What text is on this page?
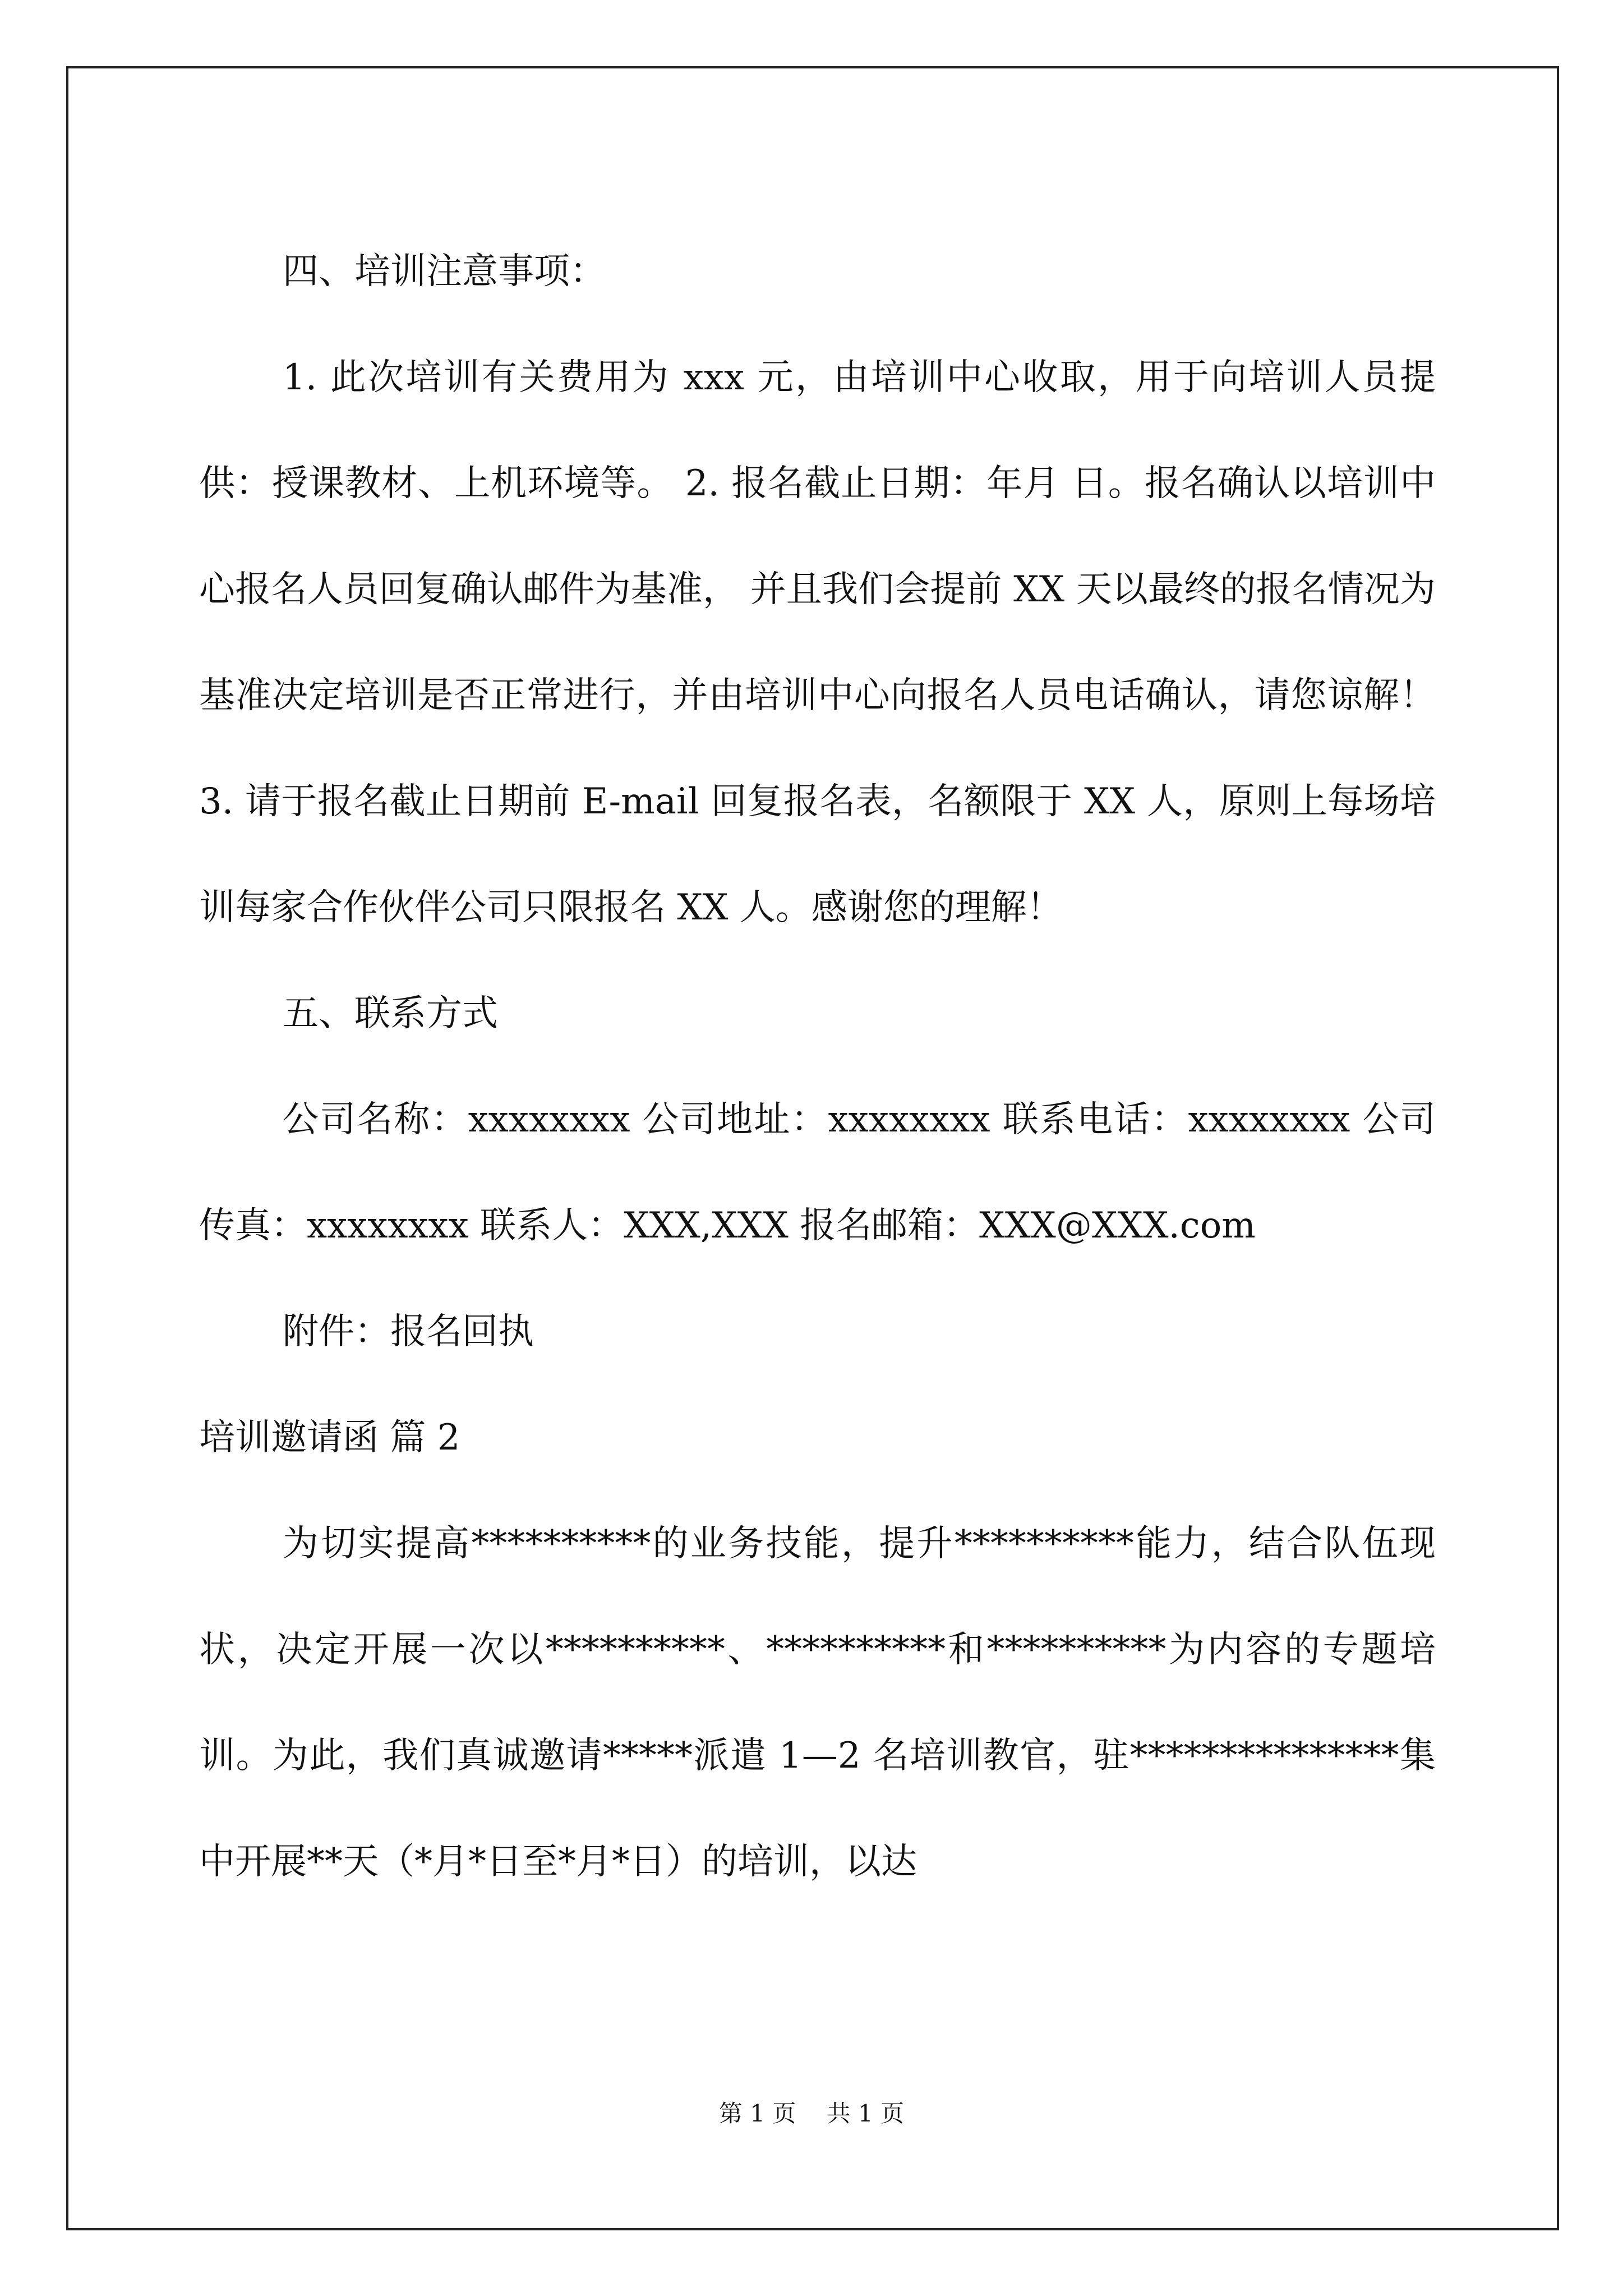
四、培训注意事项：

1. 此次培训有关费用为 xxx 元，由培训中心收取，用于向培训人员提供：授课教材、上机环境等。 2. 报名截止日期：年月 日。报名确认以培训中心报名人员回复确认邮件为基准， 并且我们会提前 XX 天以最终的报名情况为基准决定培训是否正常进行，并由培训中心向报名人员电话确认，请您谅解！ 3. 请于报名截止日期前 E-mail 回复报名表，名额限于 XX 人，原则上每场培训每家合作伙伴公司只限报名 XX 人。感谢您的理解！

五、联系方式

公司名称：xxxxxxxx 公司地址：xxxxxxxx 联系电话：xxxxxxxx 公司传真：xxxxxxxx 联系人：XXX,XXX 报名邮箱：XXX@XXX.com

附件：报名回执

培训邀请函 篇 2

为切实提高**********的业务技能，提升**********能力，结合队伍现状，决定开展一次以**********、**********和**********为内容的专题培训。为此，我们真诚邀请*****派遣 1—2 名培训教官，驻***************集中开展**天（*月*日至*月*日）的培训，以达

第 1 页　 共 1 页
